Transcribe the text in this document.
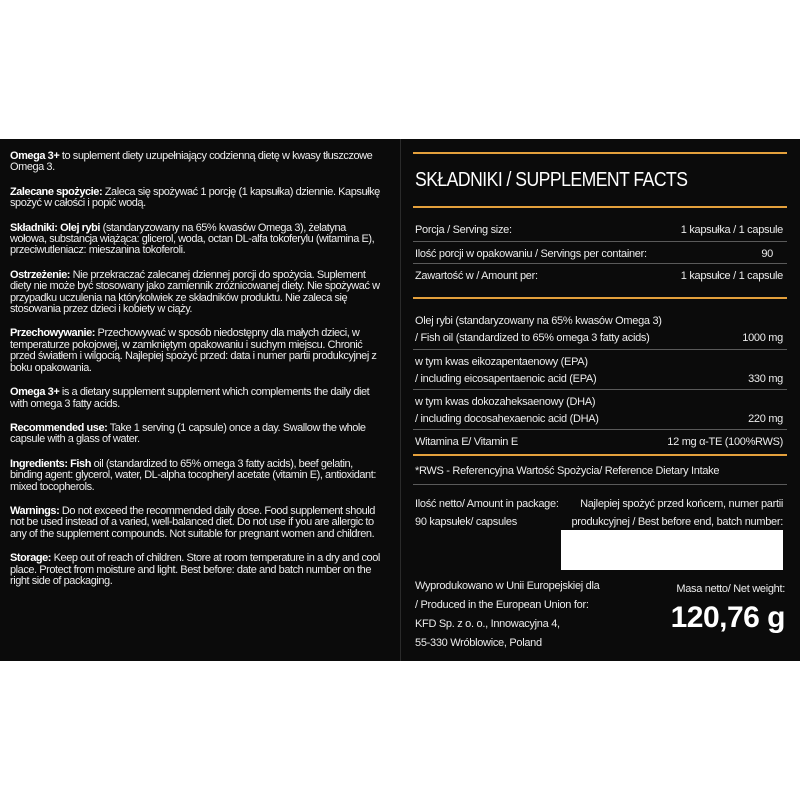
Omega 3+ to suplement diety uzupełniający codzienną dietę w kwasy tłuszczowe Omega 3.

Zalecane spożycie: Zaleca się spożywać 1 porcję (1 kapsułka) dziennie. Kapsułkę spożyć w całości i popić wodą.

Składniki: Olej rybi (standaryzowany na 65% kwasów Omega 3), żelatyna wołowa, substancja wiążąca: glicerol, woda, octan DL-alfa tokoferylu (witamina E), przeciwutleniacz: mieszanina tokoferoli.

Ostrzeżenie: Nie przekraczać zalecanej dziennej porcji do spożycia. Suplement diety nie może być stosowany jako zamiennik zróżnicowanej diety. Nie spożywać w przypadku uczulenia na którykolwiek ze składników produktu. Nie zaleca się stosowania przez dzieci i kobiety w ciąży.

Przechowywanie: Przechowywać w sposób niedostępny dla małych dzieci, w temperaturze pokojowej, w zamkniętym opakowaniu i suchym miejscu. Chronić przed światłem i wilgocią. Najlepiej spożyć przed: data i numer partii produkcyjnej z boku opakowania.

Omega 3+ is a dietary supplement supplement which complements the daily diet with omega 3 fatty acids.

Recommended use: Take 1 serving (1 capsule) once a day. Swallow the whole capsule with a glass of water.

Ingredients: Fish oil (standardized to 65% omega 3 fatty acids), beef gelatin, binding agent: glycerol, water, DL-alpha tocopheryl acetate (vitamin E), antioxidant: mixed tocopherols.

Warnings: Do not exceed the recommended daily dose. Food supplement should not be used instead of a varied, well-balanced diet. Do not use if you are allergic to any of the supplement compounds. Not suitable for pregnant women and children.

Storage: Keep out of reach of children. Store at room temperature in a dry and cool place. Protect from moisture and light. Best before: date and batch number on the right side of packaging.

SKŁADNIKI / SUPPLEMENT FACTS
Porcja / Serving size:	1 kapsułka / 1 capsule
Ilość porcji w opakowaniu / Servings per container:	90
Zawartość w / Amount per:	1 kapsułce / 1 capsule
Olej rybi (standaryzowany na 65% kwasów Omega 3)
/ Fish oil (standardized to 65% omega 3 fatty acids)	1000 mg
w tym kwas eikozapentaenowy (EPA)
/ including eicosapentaenoic acid (EPA)	330 mg
w tym kwas dokozaheksaenowy (DHA)
/ including docosahexaenoic acid (DHA)	220 mg
Witamina E/ Vitamin E	12 mg α-TE (100%RWS)
*RWS - Referencyjna Wartość Spożycia/ Reference Dietary Intake
Ilość netto/ Amount in package:
90 kapsułek/ capsules
Najlepiej spożyć przed końcem, numer partii
produkcyjnej / Best before end, batch number:
Wyprodukowano w Unii Europejskiej dla
/ Produced in the European Union for:
KFD Sp. z o. o., Innowacyjna 4,
55-330 Wróblowice, Poland
Masa netto/ Net weight:
120,76 g
